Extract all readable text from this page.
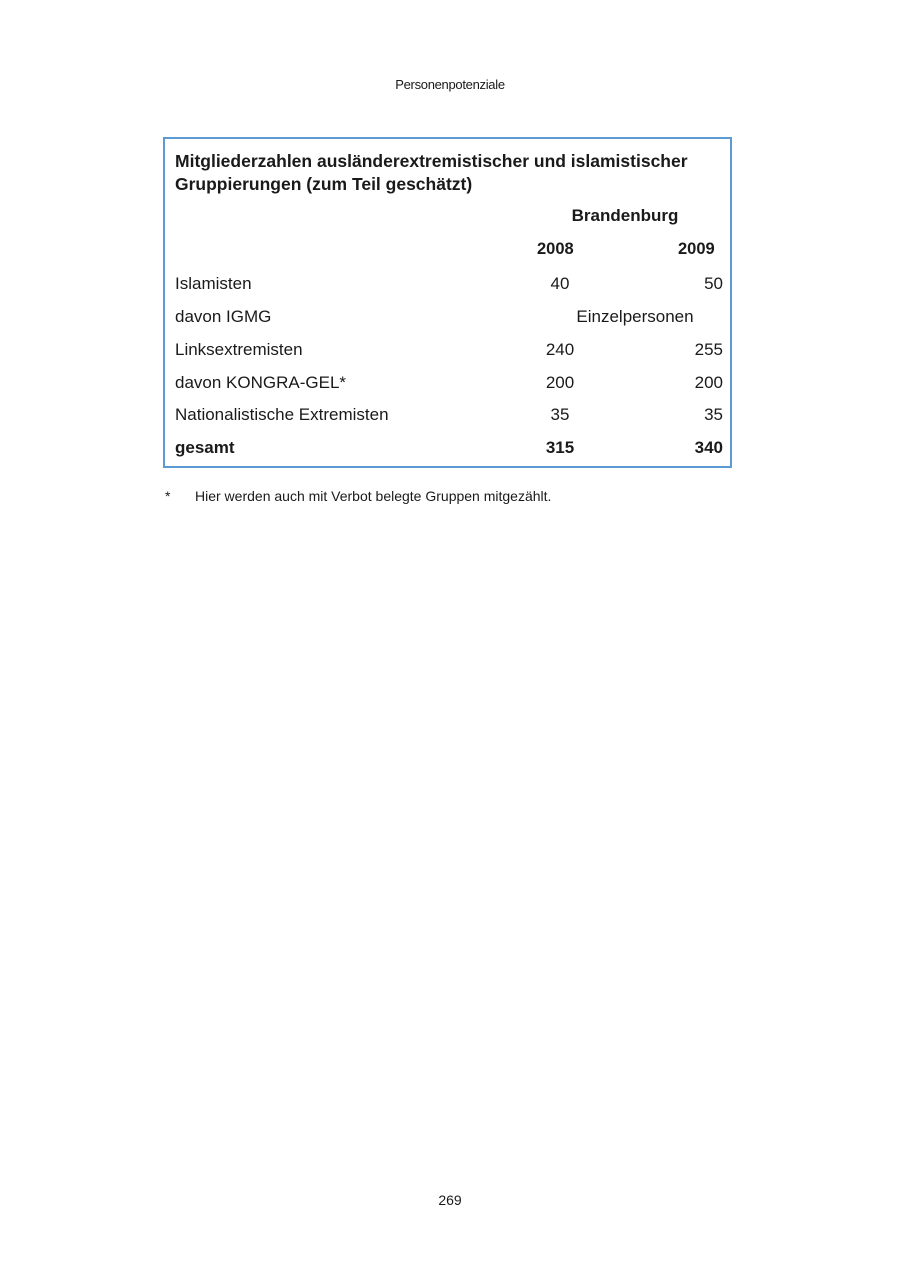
Personenpotenziale
Mitgliederzahlen ausländerextremistischer und islamistischer Gruppierungen (zum Teil geschätzt)
Brandenburg
2008	2009
Islamisten	40	50
davon IGMG	Einzelpersonen
Linksextremisten	240	255
davon KONGRA-GEL*	200	200
Nationalistische Extremisten	35	35
gesamt	315	340
* Hier werden auch mit Verbot belegte Gruppen mitgezählt.
269
